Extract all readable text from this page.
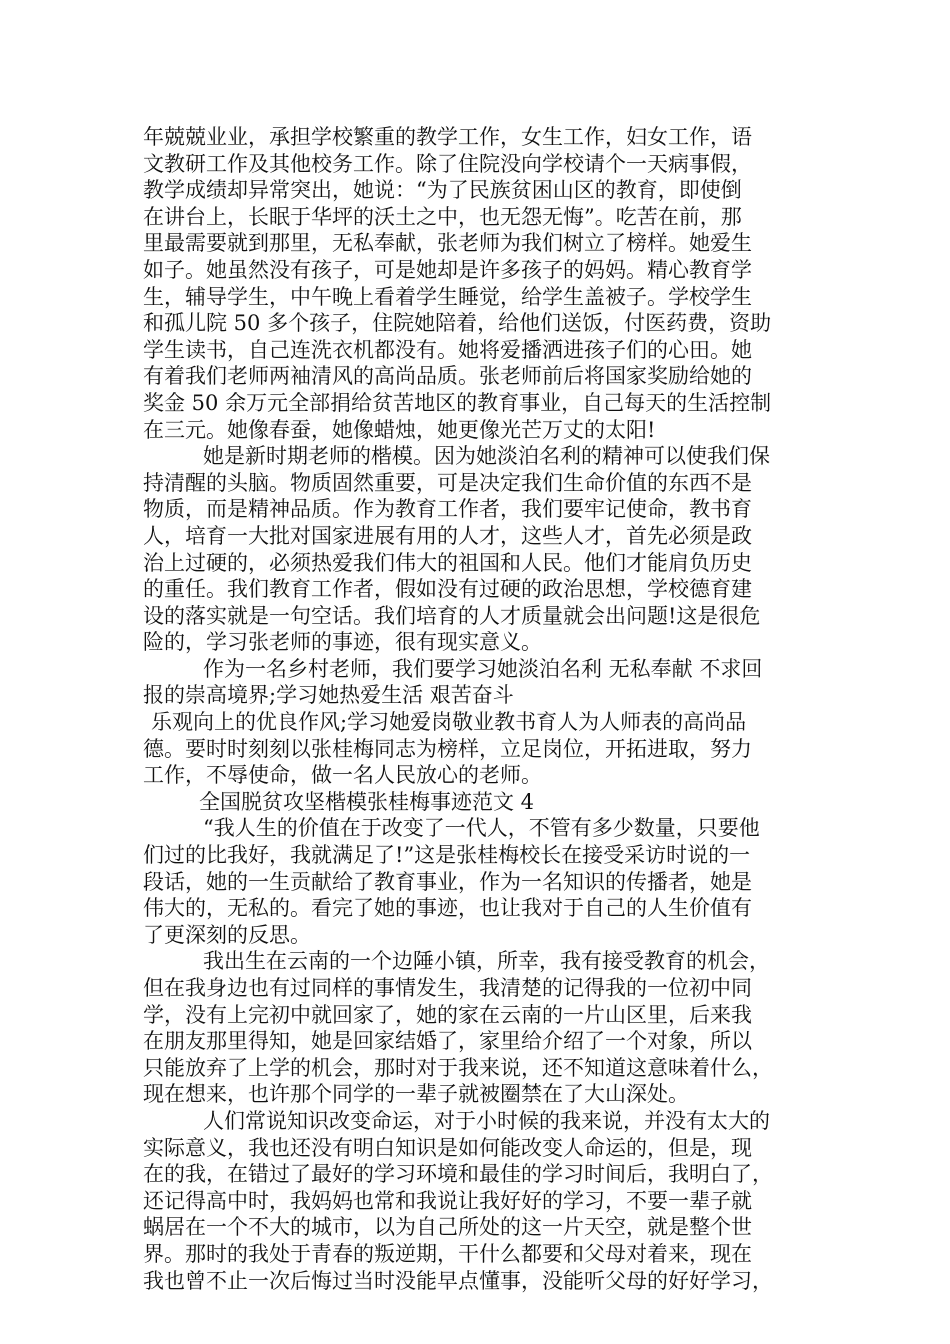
年兢兢业业，承担学校繁重的教学工作，女生工作，妇女工作，语

文教研工作及其他校务工作。除了住院没向学校请个一天病事假，

教学成绩却异常突出，她说：“为了民族贫困山区的教育，即使倒

在讲台上，长眠于华坪的沃土之中，也无怨无悔”。吃苦在前，那

里最需要就到那里，无私奉献，张老师为我们树立了榜样。她爱生

如子。她虽然没有孩子，可是她却是许多孩子的妈妈。精心教育学

生，辅导学生，中午晚上看着学生睡觉，给学生盖被子。学校学生

和孤儿院 50 多个孩子，住院她陪着，给他们送饭，付医药费，资助

学生读书，自己连洗衣机都没有。她将爱播洒进孩子们的心田。她

有着我们老师两袖清风的高尚品质。张老师前后将国家奖励给她的

奖金 50 余万元全部捐给贫苦地区的教育事业，自己每天的生活控制

在三元。她像春蚕，她像蜡烛，她更像光芒万丈的太阳!

她是新时期老师的楷模。因为她淡泊名利的精神可以使我们保

持清醒的头脑。物质固然重要，可是决定我们生命价值的东西不是

物质，而是精神品质。作为教育工作者，我们要牢记使命，教书育

人，培育一大批对国家进展有用的人才，这些人才，首先必须是政

治上过硬的，必须热爱我们伟大的祖国和人民。他们才能肩负历史

的重任。我们教育工作者，假如没有过硬的政治思想，学校德育建

设的落实就是一句空话。我们培育的人才质量就会出问题!这是很危

险的，学习张老师的事迹，很有现实意义。

作为一名乡村老师，我们要学习她淡泊名利 无私奉献 不求回

报的崇高境界;学习她热爱生活 艰苦奋斗

乐观向上的优良作风;学习她爱岗敬业教书育人为人师表的高尚品

德。要时时刻刻以张桂梅同志为榜样，立足岗位，开拓进取，努力

工作，不辱使命，做一名人民放心的老师。

全国脱贫攻坚楷模张桂梅事迹范文 4

“我人生的价值在于改变了一代人，不管有多少数量，只要他

们过的比我好，我就满足了!”这是张桂梅校长在接受采访时说的一

段话，她的一生贡献给了教育事业，作为一名知识的传播者，她是

伟大的，无私的。看完了她的事迹，也让我对于自己的人生价值有

了更深刻的反思。

我出生在云南的一个边陲小镇，所幸，我有接受教育的机会，

但在我身边也有过同样的事情发生，我清楚的记得我的一位初中同

学，没有上完初中就回家了，她的家在云南的一片山区里，后来我

在朋友那里得知，她是回家结婚了，家里给介绍了一个对象，所以

只能放弃了上学的机会，那时对于我来说，还不知道这意味着什么，

现在想来，也许那个同学的一辈子就被圈禁在了大山深处。

人们常说知识改变命运，对于小时候的我来说，并没有太大的

实际意义，我也还没有明白知识是如何能改变人命运的，但是，现

在的我，在错过了最好的学习环境和最佳的学习时间后，我明白了，

还记得高中时，我妈妈也常和我说让我好好的学习，不要一辈子就

蜗居在一个不大的城市，以为自己所处的这一片天空，就是整个世

界。那时的我处于青春的叛逆期，干什么都要和父母对着来，现在

我也曾不止一次后悔过当时没能早点懂事，没能听父母的好好学习，
